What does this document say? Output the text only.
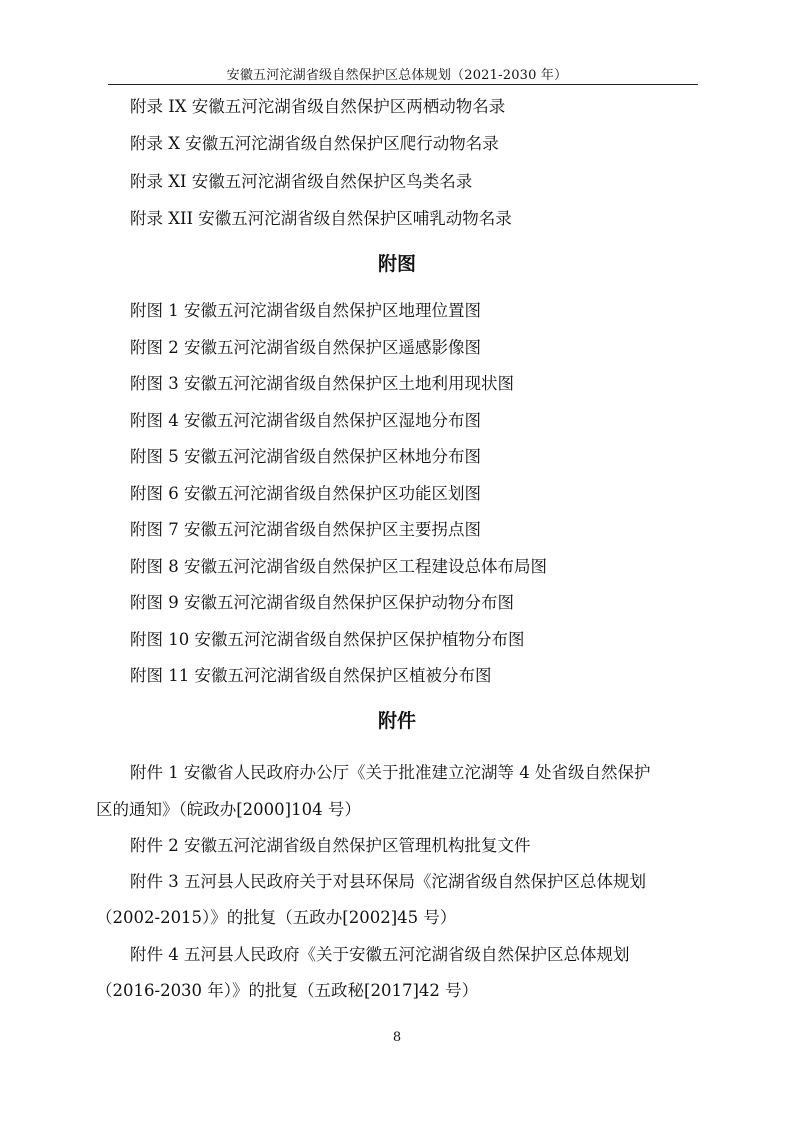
安徽五河沱湖省级自然保护区总体规划（2021-2030 年）
附录 IX 安徽五河沱湖省级自然保护区两栖动物名录
附录 X 安徽五河沱湖省级自然保护区爬行动物名录
附录 XI 安徽五河沱湖省级自然保护区鸟类名录
附录 XII 安徽五河沱湖省级自然保护区哺乳动物名录
附图
附图 1 安徽五河沱湖省级自然保护区地理位置图
附图 2 安徽五河沱湖省级自然保护区遥感影像图
附图 3 安徽五河沱湖省级自然保护区土地利用现状图
附图 4 安徽五河沱湖省级自然保护区湿地分布图
附图 5 安徽五河沱湖省级自然保护区林地分布图
附图 6 安徽五河沱湖省级自然保护区功能区划图
附图 7 安徽五河沱湖省级自然保护区主要拐点图
附图 8 安徽五河沱湖省级自然保护区工程建设总体布局图
附图 9 安徽五河沱湖省级自然保护区保护动物分布图
附图 10 安徽五河沱湖省级自然保护区保护植物分布图
附图 11 安徽五河沱湖省级自然保护区植被分布图
附件
附件 1 安徽省人民政府办公厅《关于批准建立沱湖等 4 处省级自然保护
区的通知》（皖政办[2000]104 号）
附件 2 安徽五河沱湖省级自然保护区管理机构批复文件
附件 3 五河县人民政府关于对县环保局《沱湖省级自然保护区总体规划
（2002-2015）》的批复（五政办[2002]45 号）
附件 4 五河县人民政府《关于安徽五河沱湖省级自然保护区总体规划
（2016-2030 年）》的批复（五政秘[2017]42 号）
8
